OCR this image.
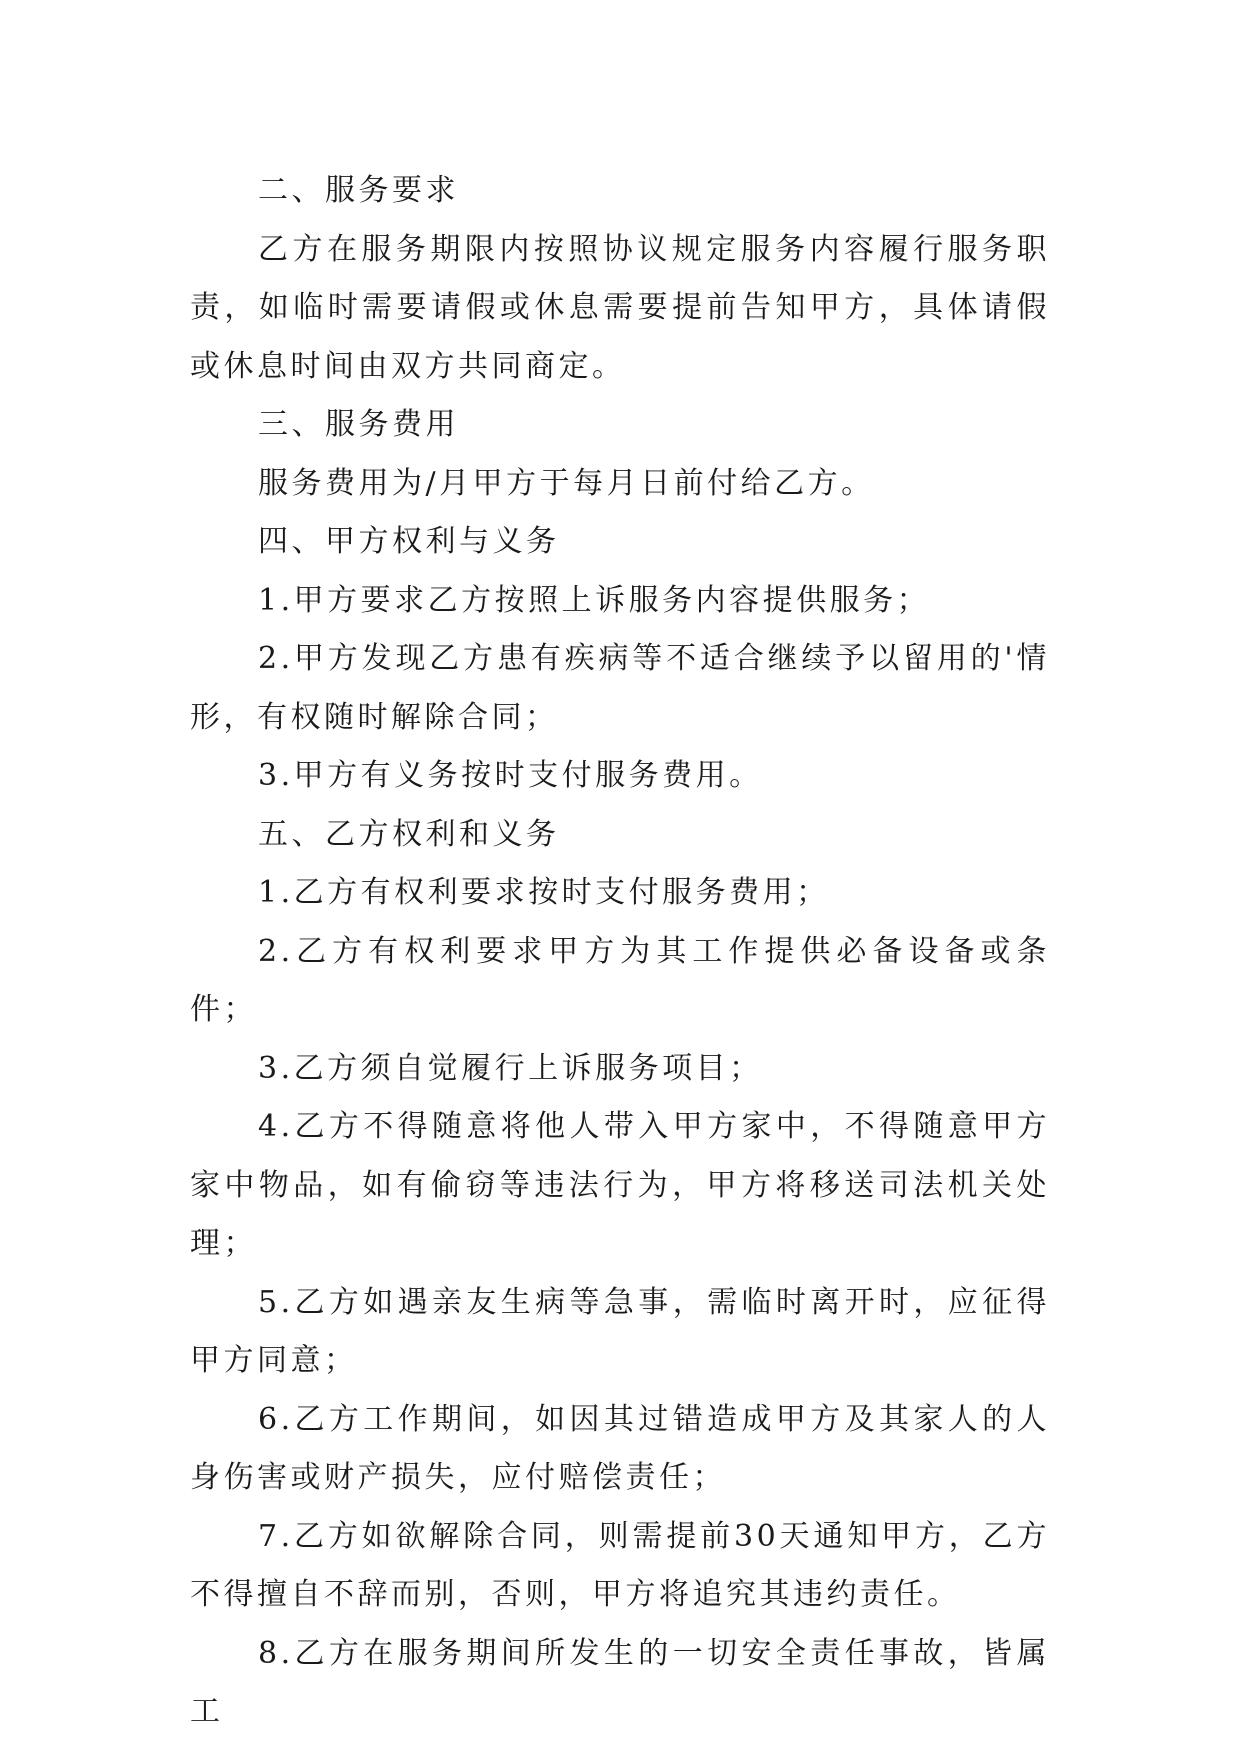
二、服务要求

乙方在服务期限内按照协议规定服务内容履行服务职责，如临时需要请假或休息需要提前告知甲方，具体请假或休息时间由双方共同商定。

三、服务费用

服务费用为/月甲方于每月日前付给乙方。

四、甲方权利与义务

1.甲方要求乙方按照上诉服务内容提供服务；

2.甲方发现乙方患有疾病等不适合继续予以留用的'情形，有权随时解除合同；

3.甲方有义务按时支付服务费用。

五、乙方权利和义务

1.乙方有权利要求按时支付服务费用；

2.乙方有权利要求甲方为其工作提供必备设备或条件；

3.乙方须自觉履行上诉服务项目；

4.乙方不得随意将他人带入甲方家中，不得随意甲方家中物品，如有偷窃等违法行为，甲方将移送司法机关处理；

5.乙方如遇亲友生病等急事，需临时离开时，应征得甲方同意；

6.乙方工作期间，如因其过错造成甲方及其家人的人身伤害或财产损失，应付赔偿责任；

7.乙方如欲解除合同，则需提前30天通知甲方，乙方不得擅自不辞而别，否则，甲方将追究其违约责任。

8.乙方在服务期间所发生的一切安全责任事故，皆属工
